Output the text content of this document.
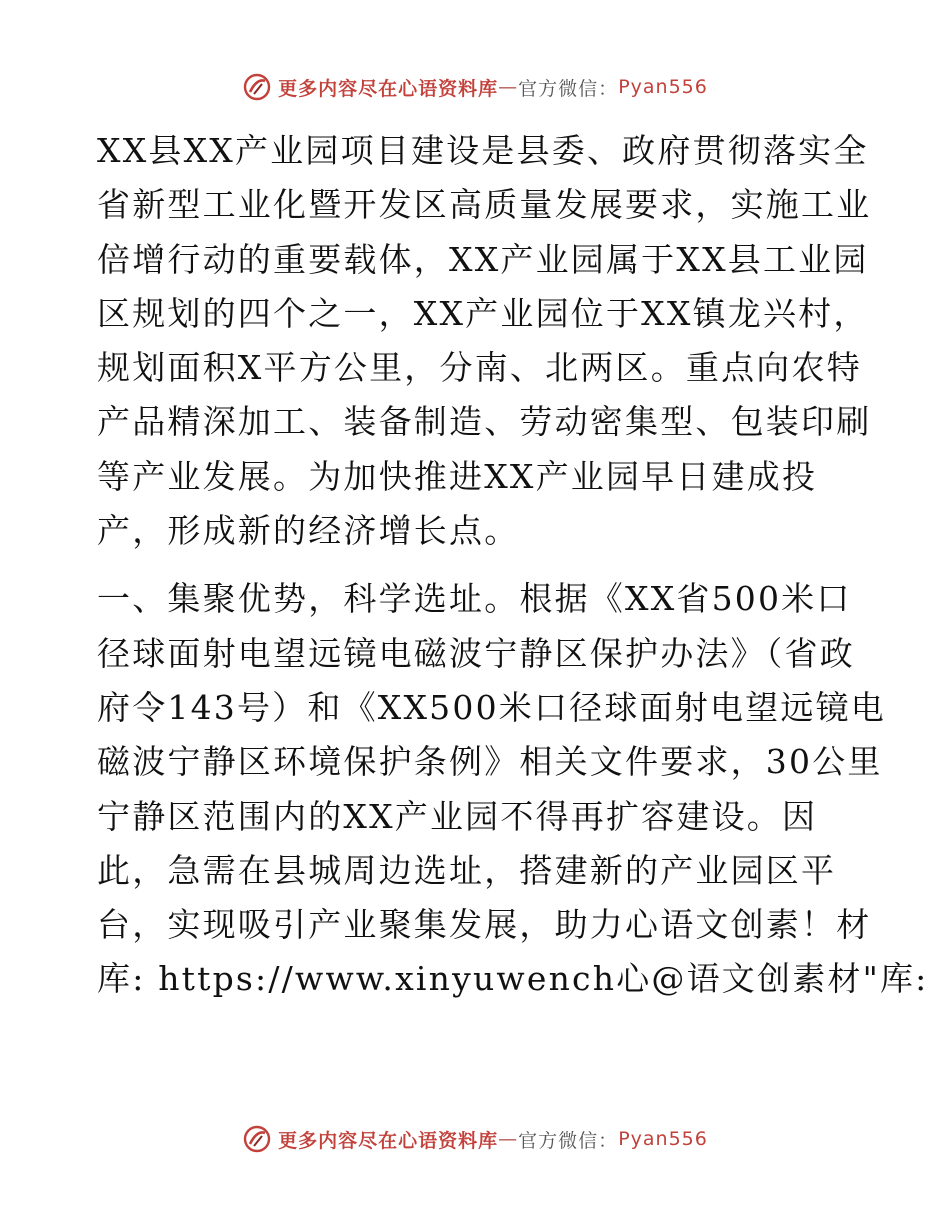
更多内容尽在心语资料库 — 官方微信： Pyan556

XX县XX产业园项目建设是县委、政府贯彻落实全
省新型工业化暨开发区高质量发展要求，实施工业
倍增行动的重要载体，XX产业园属于XX县工业园
区规划的四个之一，XX产业园位于XX镇龙兴村，
规划面积X平方公里，分南、北两区。重点向农特
产品精深加工、装备制造、劳动密集型、包装印刷
等产业发展。为加快推进XX产业园早日建成投
产，形成新的经济增长点。

一、集聚优势，科学选址。根据《XX省500米口
径球面射电望远镜电磁波宁静区保护办法》（省政
府令143号）和《XX500米口径球面射电望远镜电
磁波宁静区环境保护条例》相关文件要求，30公里
宁静区范围内的XX产业园不得再扩容建设。因
此，急需在县城周边选址，搭建新的产业园区平
台，实现吸引产业聚集发展，助力心语文创素！材
库: https://www.xinyuwench心@语文创素材"库:

更多内容尽在心语资料库 — 官方微信： Pyan556
